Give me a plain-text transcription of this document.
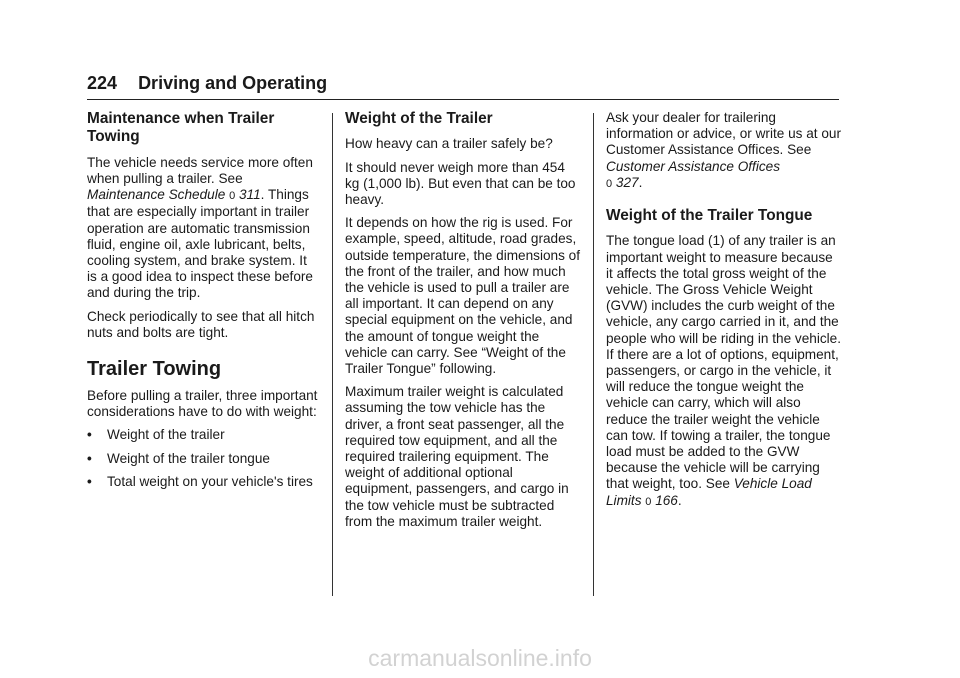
224 Driving and Operating
Maintenance when Trailer Towing

The vehicle needs service more often when pulling a trailer. See Maintenance Schedule 0 311. Things that are especially important in trailer operation are automatic transmission fluid, engine oil, axle lubricant, belts, cooling system, and brake system. It is a good idea to inspect these before and during the trip.

Check periodically to see that all hitch nuts and bolts are tight.

Trailer Towing

Before pulling a trailer, three important considerations have to do with weight:

• Weight of the trailer
• Weight of the trailer tongue
• Total weight on your vehicle's tires
Weight of the Trailer

How heavy can a trailer safely be?

It should never weigh more than 454 kg (1,000 lb). But even that can be too heavy.

It depends on how the rig is used. For example, speed, altitude, road grades, outside temperature, the dimensions of the front of the trailer, and how much the vehicle is used to pull a trailer are all important. It can depend on any special equipment on the vehicle, and the amount of tongue weight the vehicle can carry. See “Weight of the Trailer Tongue” following.

Maximum trailer weight is calculated assuming the tow vehicle has the driver, a front seat passenger, all the required tow equipment, and all the required trailering equipment. The weight of additional optional equipment, passengers, and cargo in the tow vehicle must be subtracted from the maximum trailer weight.

Ask your dealer for trailering information or advice, or write us at our Customer Assistance Offices. See Customer Assistance Offices
0 327.

Weight of the Trailer Tongue

The tongue load (1) of any trailer is an important weight to measure because it affects the total gross weight of the vehicle. The Gross Vehicle Weight (GVW) includes the curb weight of the vehicle, any cargo carried in it, and the people who will be riding in the vehicle. If there are a lot of options, equipment, passengers, or cargo in the vehicle, it will reduce the tongue weight the vehicle can carry, which will also reduce the trailer weight the vehicle can tow. If towing a trailer, the tongue load must be added to the GVW because the vehicle will be carrying that weight, too. See Vehicle Load Limits 0 166.

carmanualsonline.info
